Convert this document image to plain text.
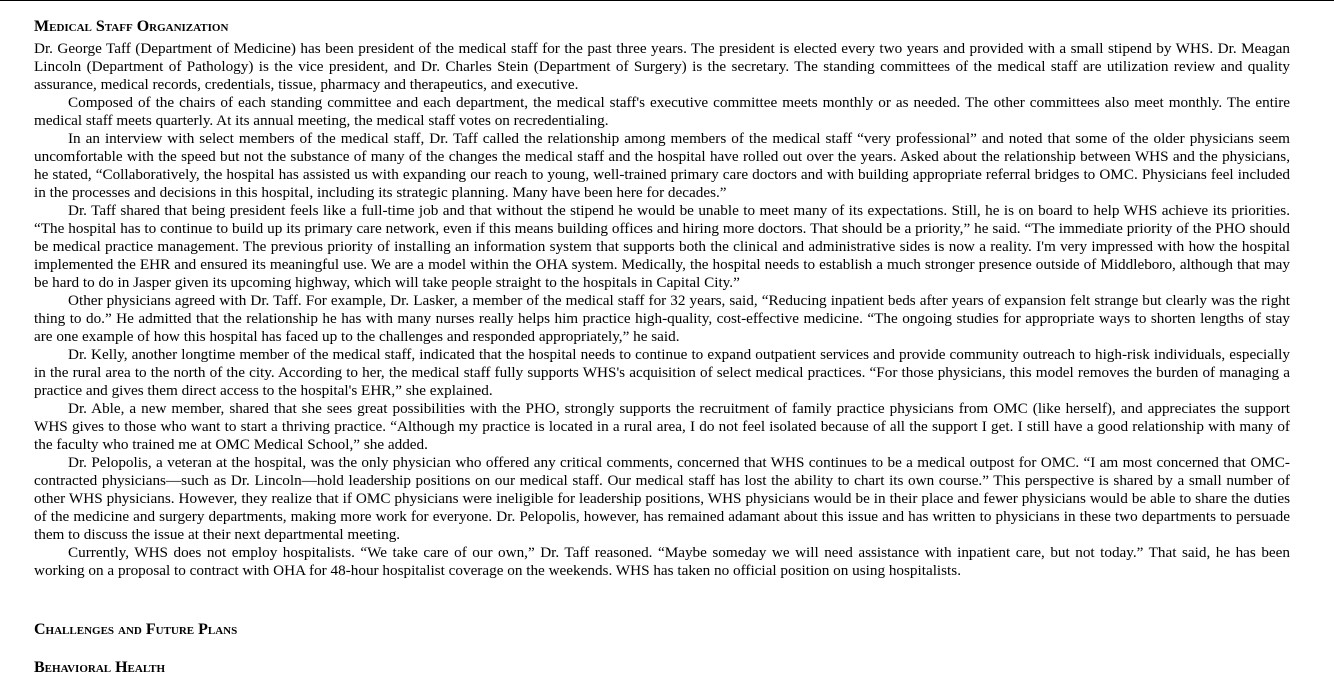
Medical Staff Organization

Dr. George Taff (Department of Medicine) has been president of the medical staff for the past three years. The president is elected every two years and provided with a small stipend by WHS. Dr. Meagan Lincoln (Department of Pathology) is the vice president, and Dr. Charles Stein (Department of Surgery) is the secretary. The standing committees of the medical staff are utilization review and quality assurance, medical records, credentials, tissue, pharmacy and therapeutics, and executive.

Composed of the chairs of each standing committee and each department, the medical staff's executive committee meets monthly or as needed. The other committees also meet monthly. The entire medical staff meets quarterly. At its annual meeting, the medical staff votes on recredentialing.

In an interview with select members of the medical staff, Dr. Taff called the relationship among members of the medical staff “very professional” and noted that some of the older physicians seem uncomfortable with the speed but not the substance of many of the changes the medical staff and the hospital have rolled out over the years. Asked about the relationship between WHS and the physicians, he stated, “Collaboratively, the hospital has assisted us with expanding our reach to young, well-trained primary care doctors and with building appropriate referral bridges to OMC. Physicians feel included in the processes and decisions in this hospital, including its strategic planning. Many have been here for decades.”

Dr. Taff shared that being president feels like a full-time job and that without the stipend he would be unable to meet many of its expectations. Still, he is on board to help WHS achieve its priorities. “The hospital has to continue to build up its primary care network, even if this means building offices and hiring more doctors. That should be a priority,” he said. “The immediate priority of the PHO should be medical practice management. The previous priority of installing an information system that supports both the clinical and administrative sides is now a reality. I'm very impressed with how the hospital implemented the EHR and ensured its meaningful use. We are a model within the OHA system. Medically, the hospital needs to establish a much stronger presence outside of Middleboro, although that may be hard to do in Jasper given its upcoming highway, which will take people straight to the hospitals in Capital City.”

Other physicians agreed with Dr. Taff. For example, Dr. Lasker, a member of the medical staff for 32 years, said, “Reducing inpatient beds after years of expansion felt strange but clearly was the right thing to do.” He admitted that the relationship he has with many nurses really helps him practice high-quality, cost-effective medicine. “The ongoing studies for appropriate ways to shorten lengths of stay are one example of how this hospital has faced up to the challenges and responded appropriately,” he said.

Dr. Kelly, another longtime member of the medical staff, indicated that the hospital needs to continue to expand outpatient services and provide community outreach to high-risk individuals, especially in the rural area to the north of the city. According to her, the medical staff fully supports WHS's acquisition of select medical practices. “For those physicians, this model removes the burden of managing a practice and gives them direct access to the hospital's EHR,” she explained.

Dr. Able, a new member, shared that she sees great possibilities with the PHO, strongly supports the recruitment of family practice physicians from OMC (like herself), and appreciates the support WHS gives to those who want to start a thriving practice. “Although my practice is located in a rural area, I do not feel isolated because of all the support I get. I still have a good relationship with many of the faculty who trained me at OMC Medical School,” she added.

Dr. Pelopolis, a veteran at the hospital, was the only physician who offered any critical comments, concerned that WHS continues to be a medical outpost for OMC. “I am most concerned that OMC-contracted physicians—such as Dr. Lincoln—hold leadership positions on our medical staff. Our medical staff has lost the ability to chart its own course.” This perspective is shared by a small number of other WHS physicians. However, they realize that if OMC physicians were ineligible for leadership positions, WHS physicians would be in their place and fewer physicians would be able to share the duties of the medicine and surgery departments, making more work for everyone. Dr. Pelopolis, however, has remained adamant about this issue and has written to physicians in these two departments to persuade them to discuss the issue at their next departmental meeting.

Currently, WHS does not employ hospitalists. “We take care of our own,” Dr. Taff reasoned. “Maybe someday we will need assistance with inpatient care, but not today.” That said, he has been working on a proposal to contract with OHA for 48-hour hospitalist coverage on the weekends. WHS has taken no official position on using hospitalists.

Challenges and Future Plans
Behavioral Health
